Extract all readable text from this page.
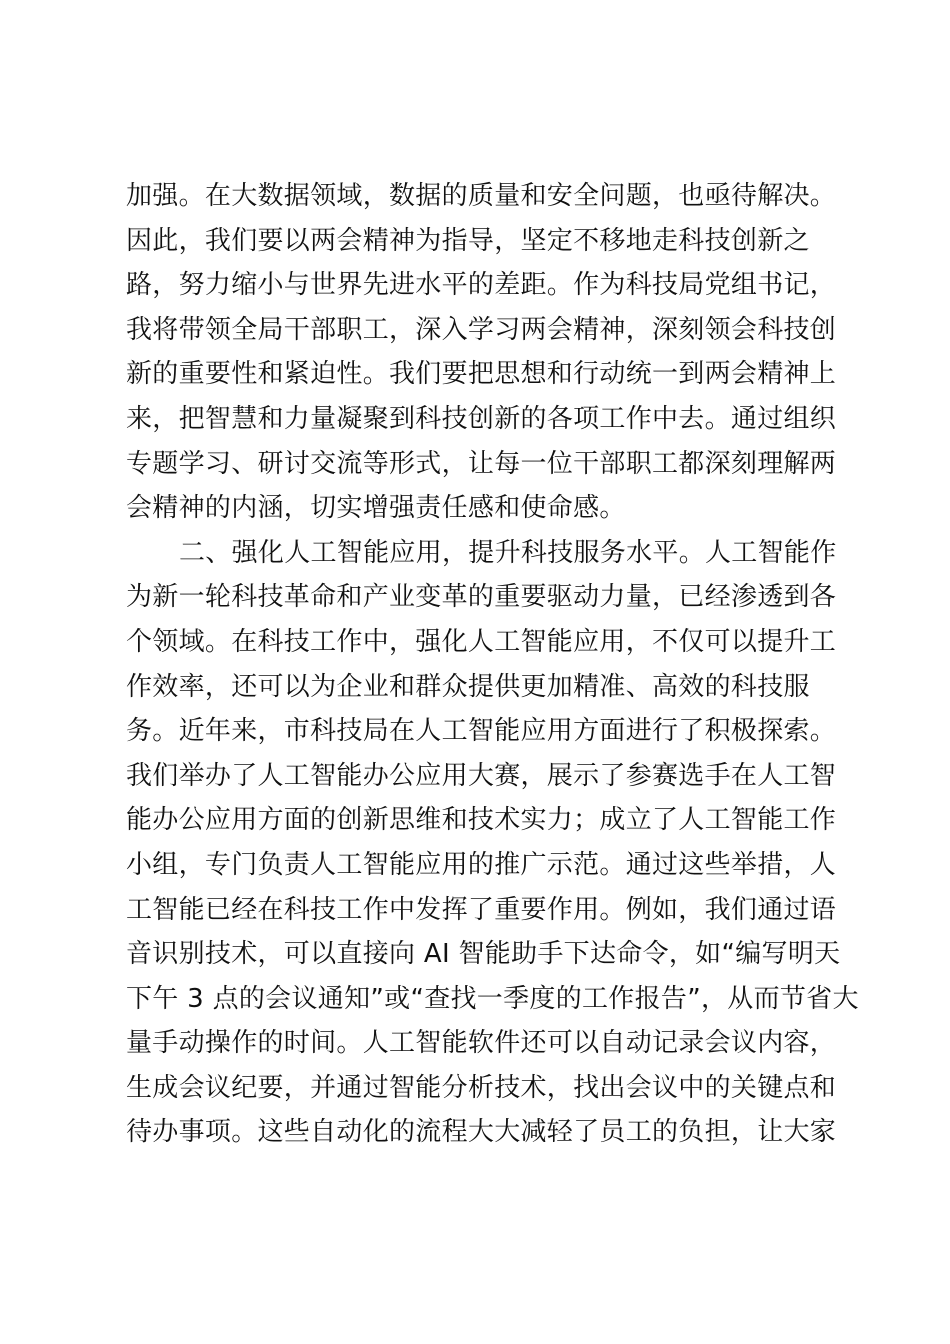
加强。在大数据领域，数据的质量和安全问题，也亟待解决。
因此，我们要以两会精神为指导，坚定不移地走科技创新之
路，努力缩小与世界先进水平的差距。作为科技局党组书记，
我将带领全局干部职工，深入学习两会精神，深刻领会科技创
新的重要性和紧迫性。我们要把思想和行动统一到两会精神上
来，把智慧和力量凝聚到科技创新的各项工作中去。通过组织
专题学习、研讨交流等形式，让每一位干部职工都深刻理解两
会精神的内涵，切实增强责任感和使命感。
二、强化人工智能应用，提升科技服务水平。人工智能作
为新一轮科技革命和产业变革的重要驱动力量，已经渗透到各
个领域。在科技工作中，强化人工智能应用，不仅可以提升工
作效率，还可以为企业和群众提供更加精准、高效的科技服
务。近年来，市科技局在人工智能应用方面进行了积极探索。
我们举办了人工智能办公应用大赛，展示了参赛选手在人工智
能办公应用方面的创新思维和技术实力；成立了人工智能工作
小组，专门负责人工智能应用的推广示范。通过这些举措，人
工智能已经在科技工作中发挥了重要作用。例如，我们通过语
音识别技术，可以直接向 AI 智能助手下达命令，如“编写明天
下午 3 点的会议通知”或“查找一季度的工作报告”，从而节省大
量手动操作的时间。人工智能软件还可以自动记录会议内容，
生成会议纪要，并通过智能分析技术，找出会议中的关键点和
待办事项。这些自动化的流程大大减轻了员工的负担，让大家
